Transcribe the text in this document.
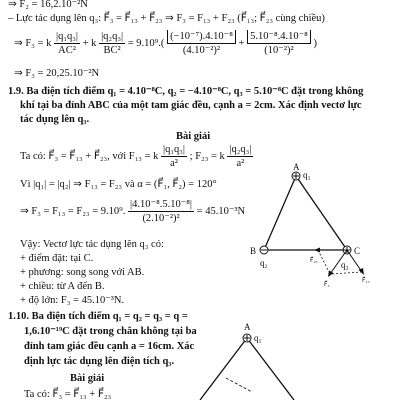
⇒ F₂ = 16,2.10⁻²N
– Lực tác dụng lên q₃: F⃗₃ = F⃗₁₃ + F⃗₂₃ ⇒ F₃ = F₁₃ + F₂₃ (F⃗₁₃; F⃗₂₃ cùng chiều)
⇒ F₃ = k $\frac{\text{|q₁q₃|}}{\text{AC²}} + k \frac{\text{|q₂q₃|}}{\text{BC²}} = 9.10^9.( \frac{\text{(−10⁻⁷).4.10⁻⁸}}{\text{(4.10⁻²)²}} + \frac{\text{5.10⁻⁸.4.10⁻⁸}}{\text{(10⁻²)²}}$ )
⇒ F₃ = 20,25.10⁻²N
1.9. Ba điện tích điểm q₁ = 4.10⁻⁸C, q₂ = −4.10⁻⁸C, q₃ = 5.10⁻⁸C đặt trong không
khí tại ba đỉnh ABC của một tam giác đều, cạnh a = 2cm. Xác định vectơ lực
tác dụng lên q₃.
Bài giải
Ta có: F⃗₃ = F⃗₁₃ + F⃗₂₃, với F₁₃ = k $\frac{\text{|q₁q₃|}}{\text{a²}}$ ; F₂₃ = k $\frac{\text{|q₂q₃|}}{\text{a²}}$
Vì |q₁| = |q₂| ⇒ F₁₃ = F₂₃ và α = (F⃗₁, F⃗₂) = 120°
⇒ F₃ = F₁₃ = F₂₃ = 9.10⁹. $\frac{\text{|4.10⁻⁸.5.10⁻⁸|}}{\text{(2.10⁻²)²}} = 45.10^{-3}N$
Vậy: Vectơ lực tác dụng lên q₃ có:
+ điểm đặt: tại C.
+ phương: song song với AB.
+ chiều: từ A đến B.
+ độ lớn: F₃ = 45.10⁻³N.
1.10. Ba điện tích điểm q₁ = q₂ = q₃ = q =
1,6.10⁻¹⁹C đặt trong chân không tại ba
đỉnh tam giác đều cạnh a = 16cm. Xác
định lực tác dụng lên điện tích q₃.
Bài giải
Ta có: F⃗₃ = F⃗₁₃ + F⃗₂₃
A
q₁
B
q₂
C
q₃
F⃗₂₃
F⃗₁₃
F⃗₃
A
q₁
